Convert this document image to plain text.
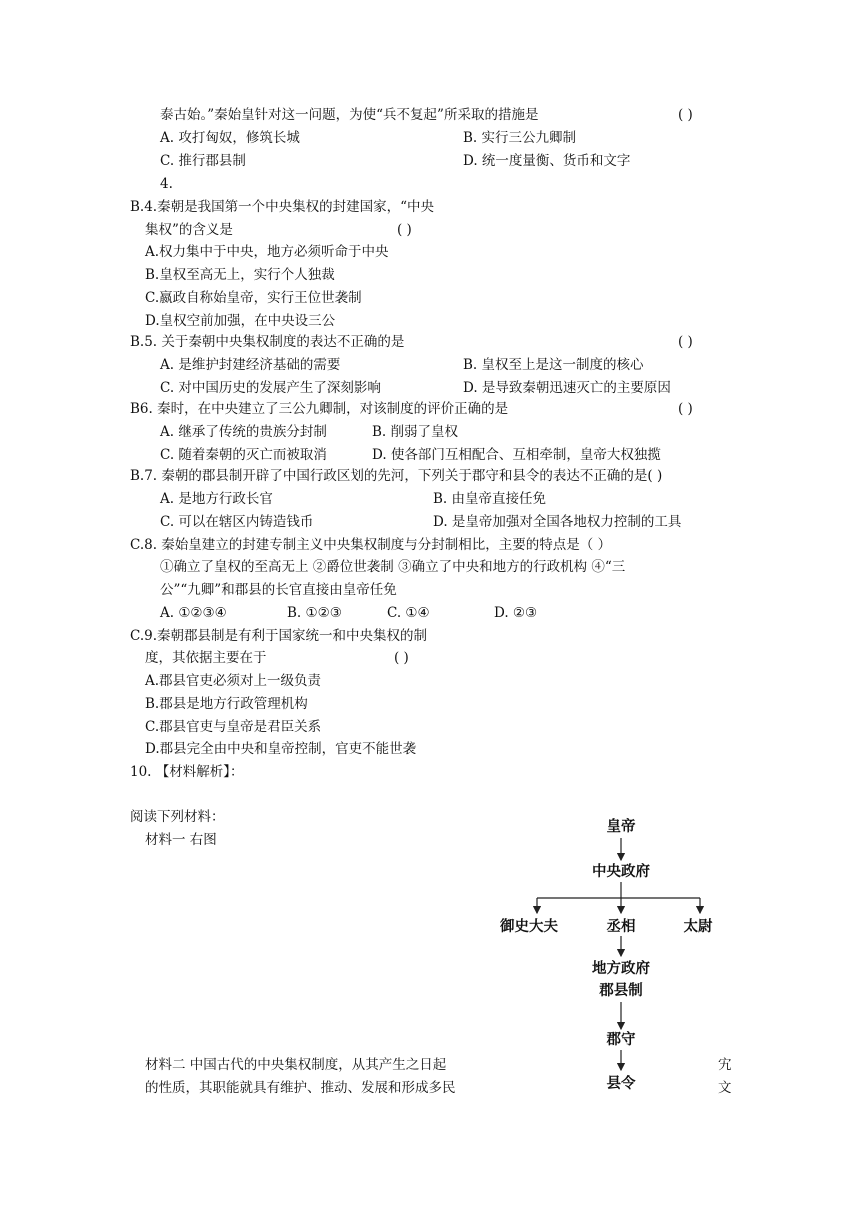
泰古始。”秦始皇针对这一问题，为使“兵不复起”所采取的措施是	( )
A. 攻打匈奴，修筑长城	B. 实行三公九卿制
C. 推行郡县制	D. 统一度量衡、货币和文字
4.
B.4.秦朝是我国第一个中央集权的封建国家，“中央
集权”的含义是	( )
A.权力集中于中央，地方必须听命于中央
B.皇权至高无上，实行个人独裁
C.嬴政自称始皇帝，实行王位世袭制
D.皇权空前加强，在中央设三公
B.5. 关于秦朝中央集权制度的表达不正确的是	( )
A. 是维护封建经济基础的需要	B. 皇权至上是这一制度的核心
C. 对中国历史的发展产生了深刻影响	D. 是导致秦朝迅速灭亡的主要原因
B6. 秦时，在中央建立了三公九卿制，对该制度的评价正确的是	( )
A. 继承了传统的贵族分封制	B. 削弱了皇权
C. 随着秦朝的灭亡而被取消	D. 使各部门互相配合、互相牵制，皇帝大权独揽
B.7. 秦朝的郡县制开辟了中国行政区划的先河，下列关于郡守和县令的表达不正确的是( )
A. 是地方行政长官	B. 由皇帝直接任免
C. 可以在辖区内铸造钱币	D. 是皇帝加强对全国各地权力控制的工具
C.8. 秦始皇建立的封建专制主义中央集权制度与分封制相比，主要的特点是（ ）
①确立了皇权的至高无上 ②爵位世袭制 ③确立了中央和地方的行政机构 ④“三
公”“九卿”和郡县的长官直接由皇帝任免
A. ①②③④	B. ①②③	C. ①④	D. ②③
C.9.秦朝郡县制是有利于国家统一和中央集权的制
度，其依据主要在于	( )
A.郡县官吏必须对上一级负责
B.郡县是地方行政管理机构
C.郡县官吏与皇帝是君臣关系
D.郡县完全由中央和皇帝控制，官吏不能世袭
10. 【材料解析】：
阅读下列材料：
材料一 右图
材料二 中国古代的中央集权制度，从其产生之日起
的性质，其职能就具有维护、推动、发展和形成多民
宄
文
皇帝
中央政府
御史大夫	丞相	太尉
地方政府
郡县制
郡守
县令
